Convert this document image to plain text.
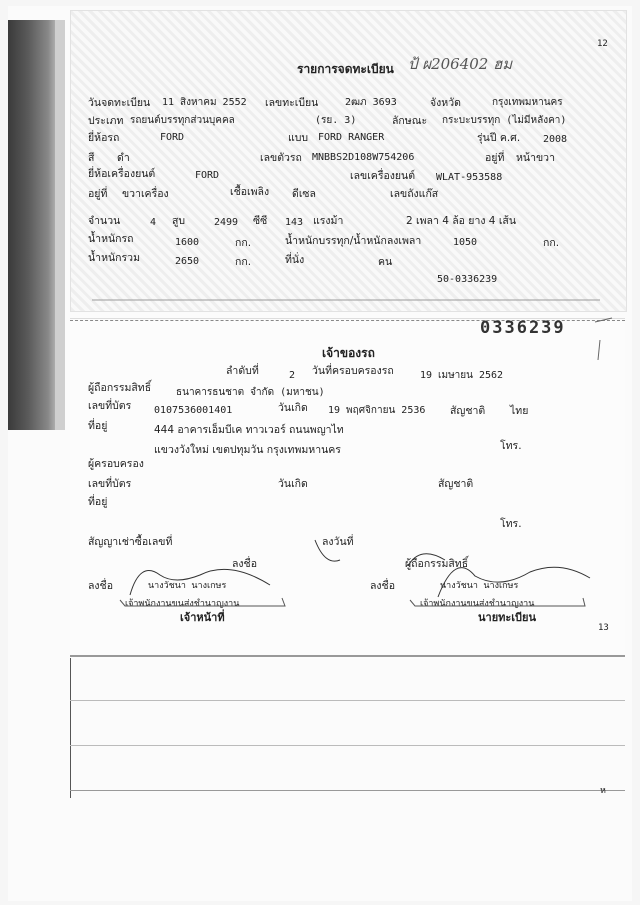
12
13
ห
รายการจดทะเบียน ป้ ผ206402 ฮม
วันจดทะเบียน 11 สิงหาคม 2552 เลขทะเบียน	2ฒภ 3693	จังหวัด	กรุงเทพมหานคร
ประเภท รถยนต์บรรทุกส่วนบุคคล	(รย. 3)	ลักษณะ กระบะบรรทุก (ไม่มีหลังคา)
ยี่ห้อรถ	FORD	แบบ FORD RANGER	รุ่นปี ค.ศ. 2008
สี ดำ	เลขตัวรถ MNBBS2D108W754206	อยู่ที่ หน้าขวา
ยี่ห้อเครื่องยนต์	FORD	เลขเครื่องยนต์ WLAT-953588
อยู่ที่ ขวาเครื่อง	เชื้อเพลิง ดีเซล	เลขถังแก๊ส
จำนวน	4 สูบ	2499 ซีซี 143 แรงม้า	2 เพลา 4 ล้อ ยาง 4 เส้น
น้ำหนักรถ	1600	กก.	น้ำหนักบรรทุก/น้ำหนักลงเพลา	1050	กก.
น้ำหนักรวม	2650	กก.	ที่นั่ง	คน
50-0336239
0336239
เจ้าของรถ
ลำดับที่	2 วันที่ครอบครองรถ	19 เมษายน 2562
ผู้ถือกรรมสิทธิ์ ธนาคารธนชาต จำกัด (มหาชน)
เลขที่บัตร 0107536001401	วันเกิด 19 พฤศจิกายน 2536 สัญชาติ ไทย
ที่อยู่	444 อาคารเอ็มบีเค ทาวเวอร์ ถนนพญาไท
โทร.
แขวงวังใหม่ เขตปทุมวัน กรุงเทพมหานคร
ผู้ครอบครอง
เลขที่บัตร	วันเกิด	สัญชาติ
ที่อยู่
โทร.
สัญญาเช่าซื้อเลขที่	ลงวันที่
ลงชื่อ	ผู้ถือกรรมสิทธิ์
ลงชื่อ	นางวัชนา นางเกษร
เจ้าพนักงานขนส่งชำนาญงาน
เจ้าหน้าที่
ลงชื่อ	นางวัชนา นางเกษร
เจ้าพนักงานขนส่งชำนาญงาน
นายทะเบียน
